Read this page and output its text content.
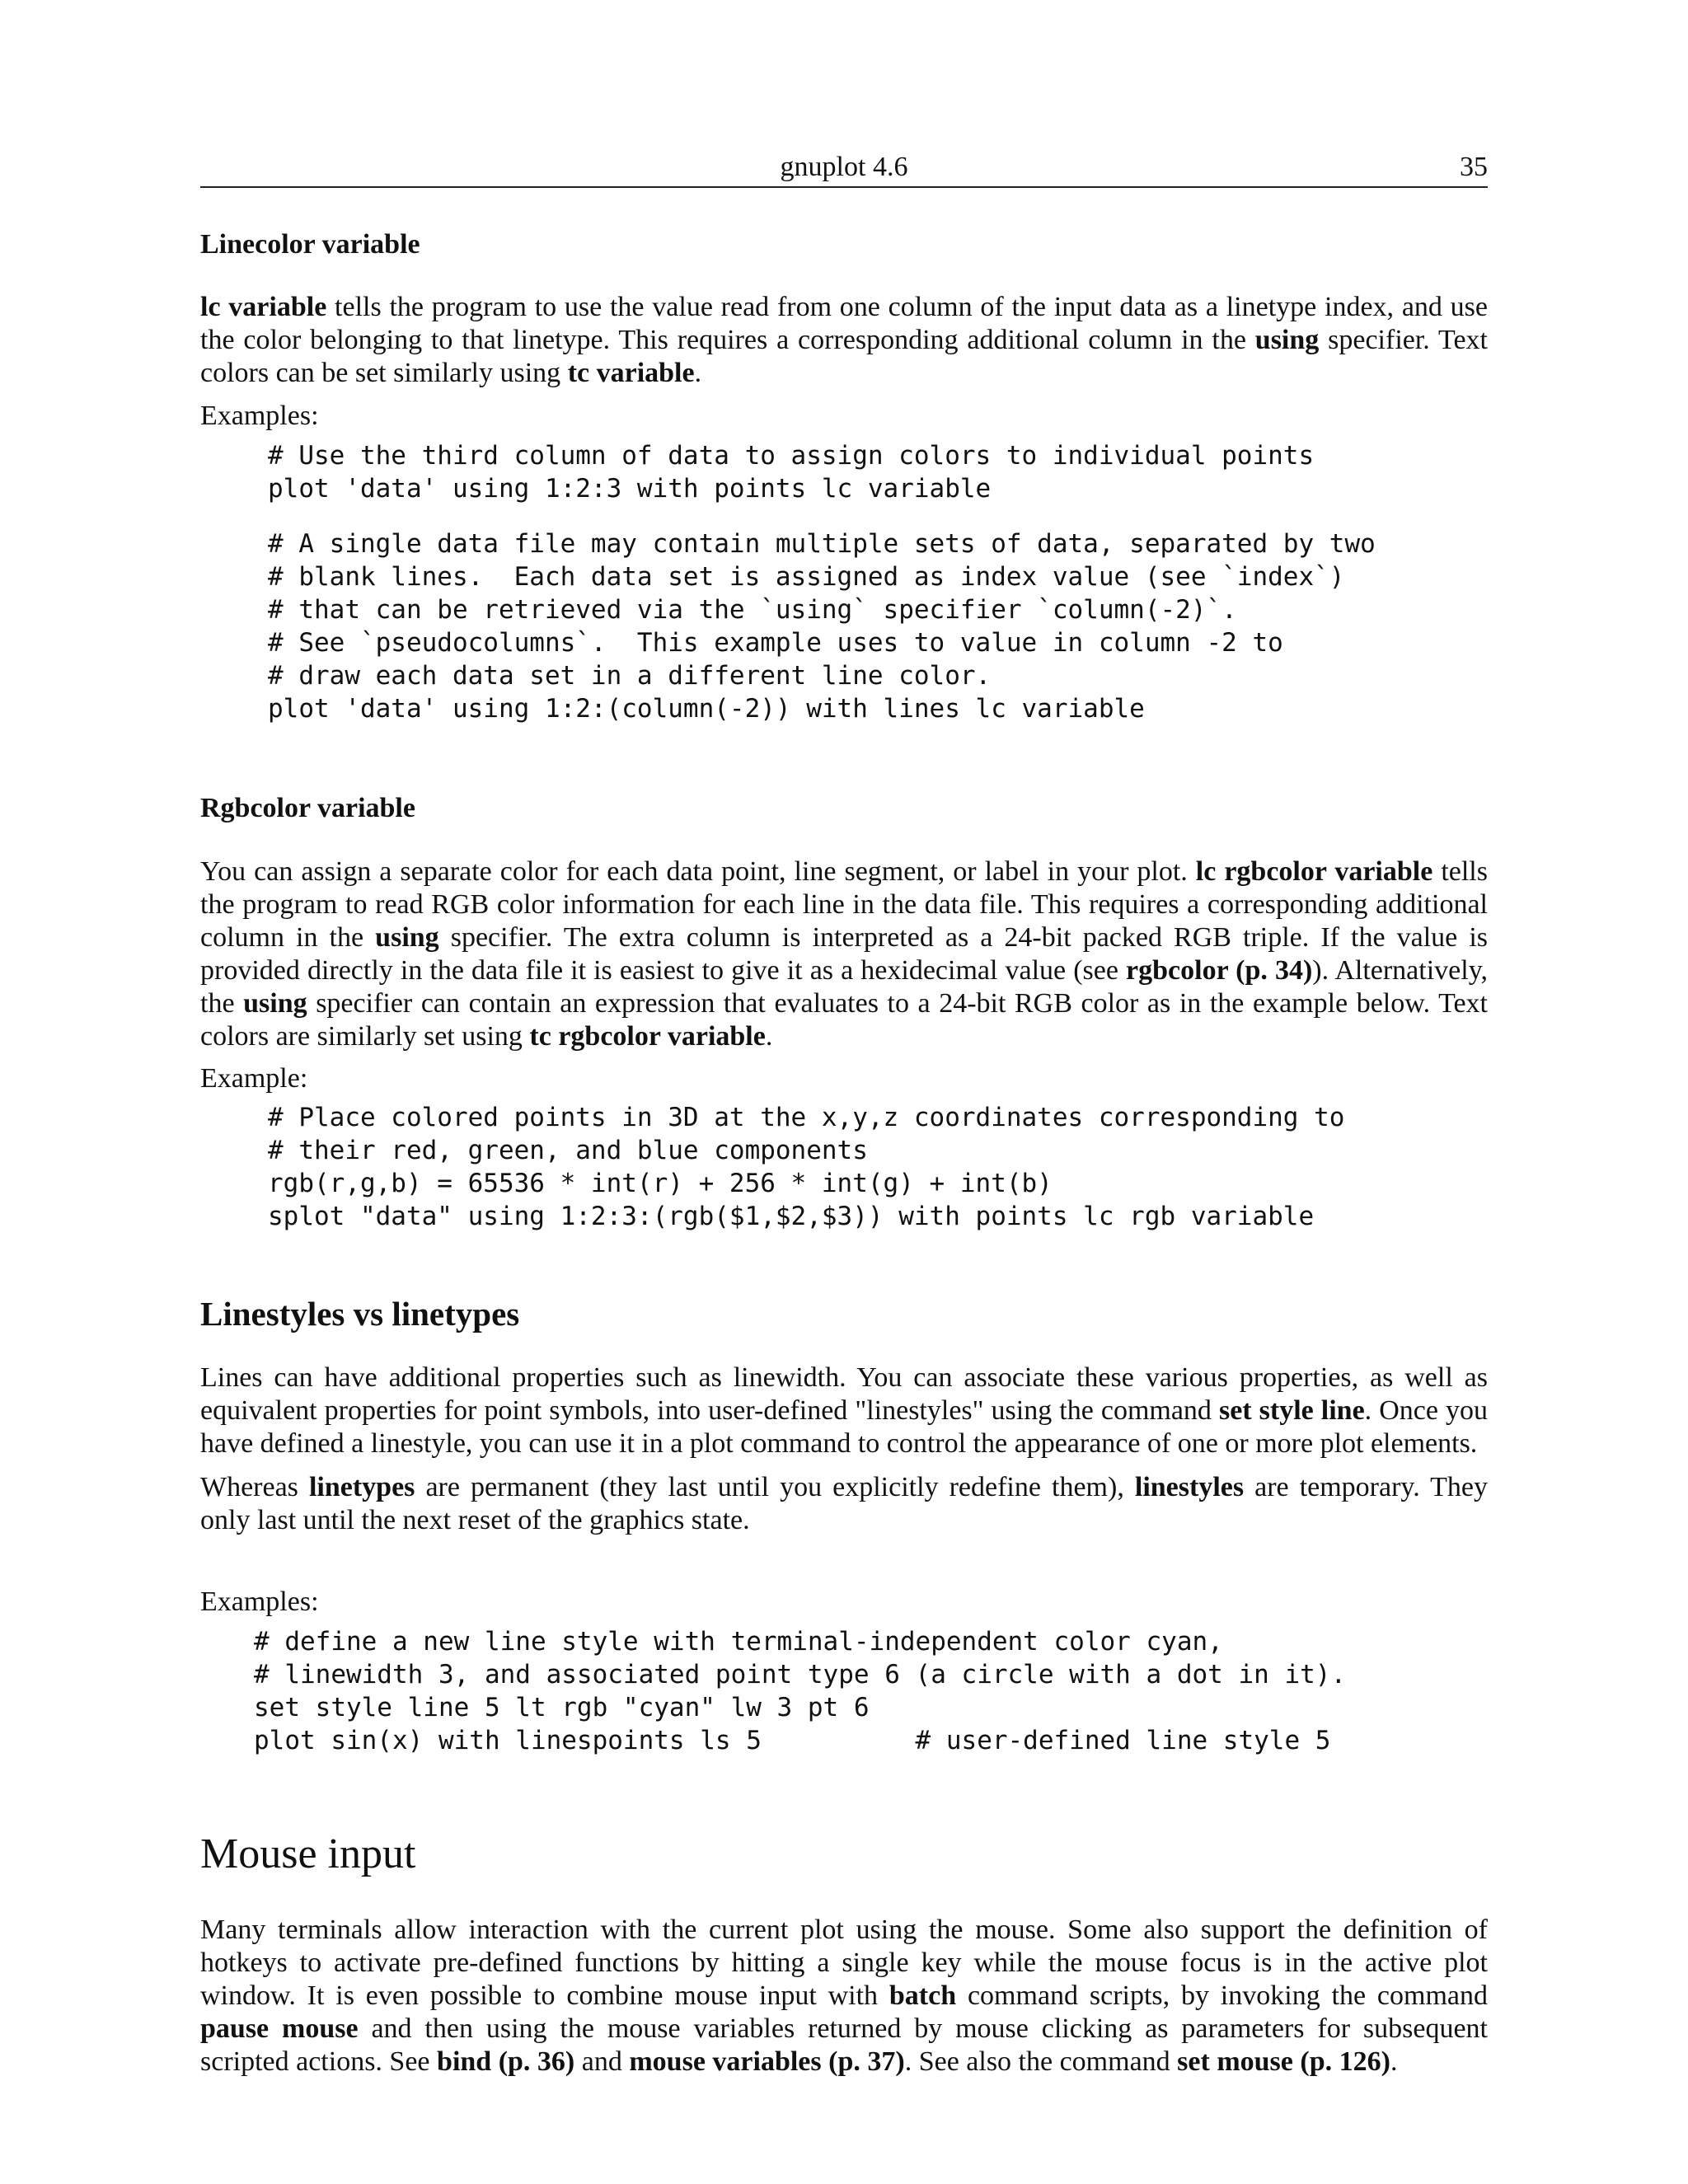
gnuplot 4.6	35
Linecolor variable

lc variable tells the program to use the value read from one column of the input data as a linetype index, and use the color belonging to that linetype. This requires a corresponding additional column in the using specifier. Text colors can be set similarly using tc variable.

Examples:
# Use the third column of data to assign colors to individual points
plot 'data' using 1:2:3 with points lc variable
# A single data file may contain multiple sets of data, separated by two
# blank lines.  Each data set is assigned as index value (see `index`)
# that can be retrieved via the `using` specifier `column(-2)`.
# See `pseudocolumns`.  This example uses to value in column -2 to
# draw each data set in a different line color.
plot 'data' using 1:2:(column(-2)) with lines lc variable
Rgbcolor variable

You can assign a separate color for each data point, line segment, or label in your plot. lc rgbcolor variable tells the program to read RGB color information for each line in the data file. This requires a corresponding additional column in the using specifier. The extra column is interpreted as a 24-bit packed RGB triple. If the value is provided directly in the data file it is easiest to give it as a hexidecimal value (see rgbcolor (p. 34)). Alternatively, the using specifier can contain an expression that evaluates to a 24-bit RGB color as in the example below. Text colors are similarly set using tc rgbcolor variable.

Example:
# Place colored points in 3D at the x,y,z coordinates corresponding to
# their red, green, and blue components
rgb(r,g,b) = 65536 * int(r) + 256 * int(g) + int(b)
splot "data" using 1:2:3:(rgb($1,$2,$3)) with points lc rgb variable
Linestyles vs linetypes

Lines can have additional properties such as linewidth. You can associate these various properties, as well as equivalent properties for point symbols, into user-defined "linestyles" using the command set style line. Once you have defined a linestyle, you can use it in a plot command to control the appearance of one or more plot elements.

Whereas linetypes are permanent (they last until you explicitly redefine them), linestyles are temporary. They only last until the next reset of the graphics state.

Examples:
# define a new line style with terminal-independent color cyan,
# linewidth 3, and associated point type 6 (a circle with a dot in it).
set style line 5 lt rgb "cyan" lw 3 pt 6
plot sin(x) with linespoints ls 5          # user-defined line style 5
Mouse input

Many terminals allow interaction with the current plot using the mouse. Some also support the definition of hotkeys to activate pre-defined functions by hitting a single key while the mouse focus is in the active plot window. It is even possible to combine mouse input with batch command scripts, by invoking the command pause mouse and then using the mouse variables returned by mouse clicking as parameters for subsequent scripted actions. See bind (p. 36) and mouse variables (p. 37). See also the command set mouse (p. 126).
